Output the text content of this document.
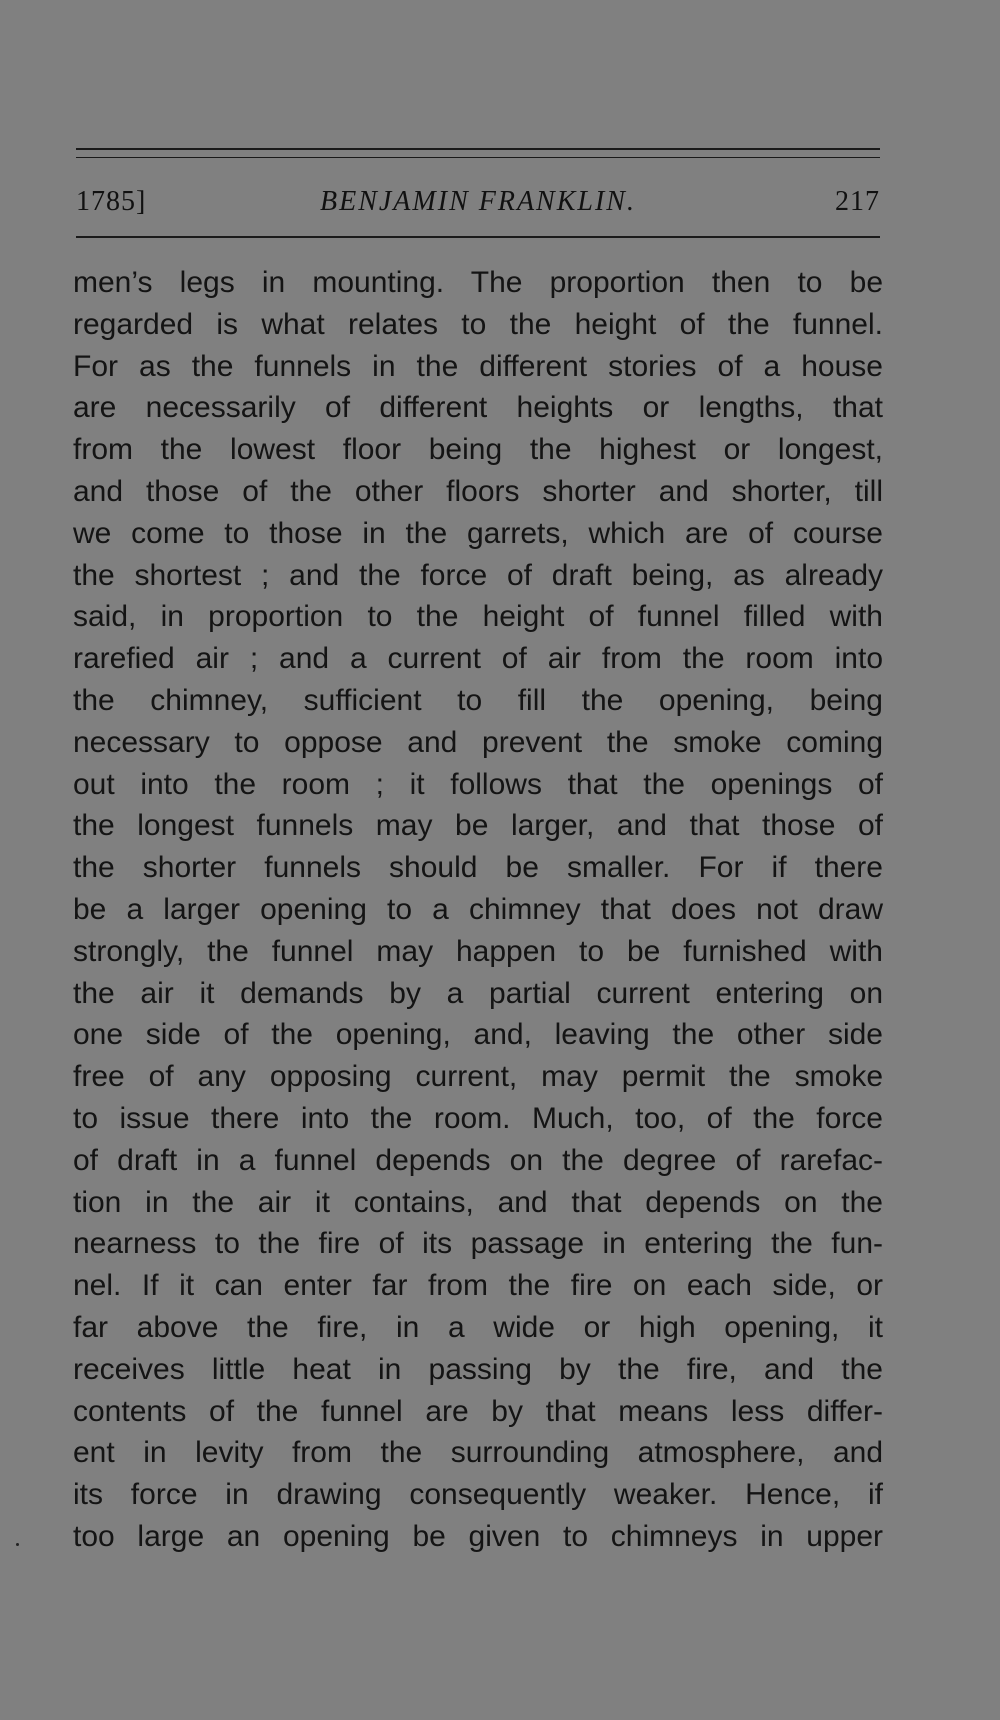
1785]	BENJAMIN FRANKLIN.	217
men’s legs in mounting. The proportion then to be
regarded is what relates to the height of the funnel.
For as the funnels in the different stories of a house
are necessarily of different heights or lengths, that
from the lowest floor being the highest or longest,
and those of the other floors shorter and shorter, till
we come to those in the garrets, which are of course
the shortest ; and the force of draft being, as already
said, in proportion to the height of funnel filled with
rarefied air ; and a current of air from the room into
the chimney, sufficient to fill the opening, being
necessary to oppose and prevent the smoke coming
out into the room ; it follows that the openings of
the longest funnels may be larger, and that those of
the shorter funnels should be smaller. For if there
be a larger opening to a chimney that does not draw
strongly, the funnel may happen to be furnished with
the air it demands by a partial current entering on
one side of the opening, and, leaving the other side
free of any opposing current, may permit the smoke
to issue there into the room. Much, too, of the force
of draft in a funnel depends on the degree of rarefac-
tion in the air it contains, and that depends on the
nearness to the fire of its passage in entering the fun-
nel. If it can enter far from the fire on each side, or
far above the fire, in a wide or high opening, it
receives little heat in passing by the fire, and the
contents of the funnel are by that means less differ-
ent in levity from the surrounding atmosphere, and
its force in drawing consequently weaker. Hence, if
too large an opening be given to chimneys in upper
